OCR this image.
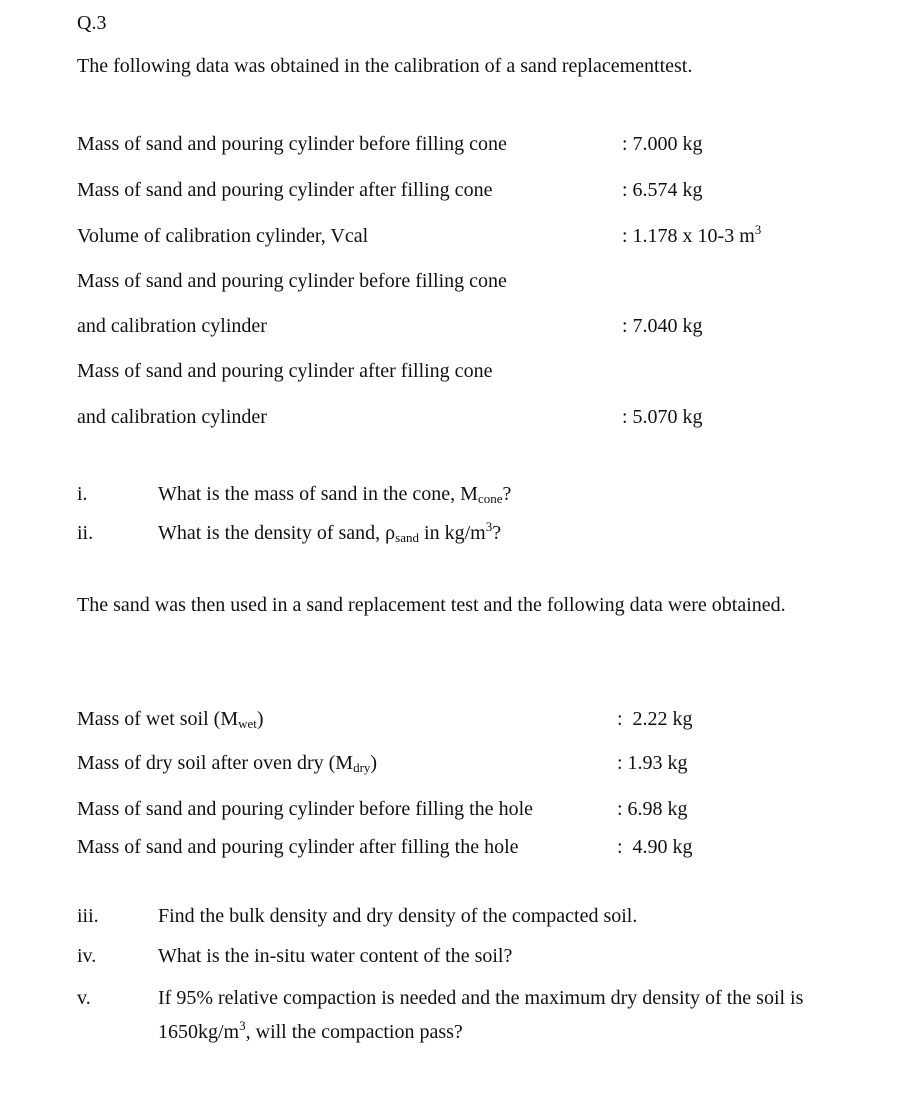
Q.3
The following data was obtained in the calibration of a sand replacementtest.
Mass of sand and pouring cylinder before filling cone	: 7.000 kg
Mass of sand and pouring cylinder after filling cone	: 6.574 kg
Volume of calibration cylinder, Vcal	: 1.178 x 10-3 $m^3$
Mass of sand and pouring cylinder before filling cone
and calibration cylinder	: 7.040 kg
Mass of sand and pouring cylinder after filling cone
and calibration cylinder	: 5.070 kg
i.	What is the mass of sand in the cone, $M_{cone}$?
ii.	What is the density of sand, $\rho_{sand}$ in $kg/m^3$?
The sand was then used in a sand replacement test and the following data were obtained.
Mass of wet soil $(M_{wet})$	:  2.22 kg
Mass of dry soil after oven dry $(M_{dry})$	: 1.93 kg
Mass of sand and pouring cylinder before filling the hole	: 6.98 kg
Mass of sand and pouring cylinder after filling the hole	:  4.90 kg
iii.	Find the bulk density and dry density of the compacted soil.
iv.	What is the in-situ water content of the soil?
v.	If 95% relative compaction is needed and the maximum dry density of the soil is $1650kg/m^3$, will the compaction pass?
